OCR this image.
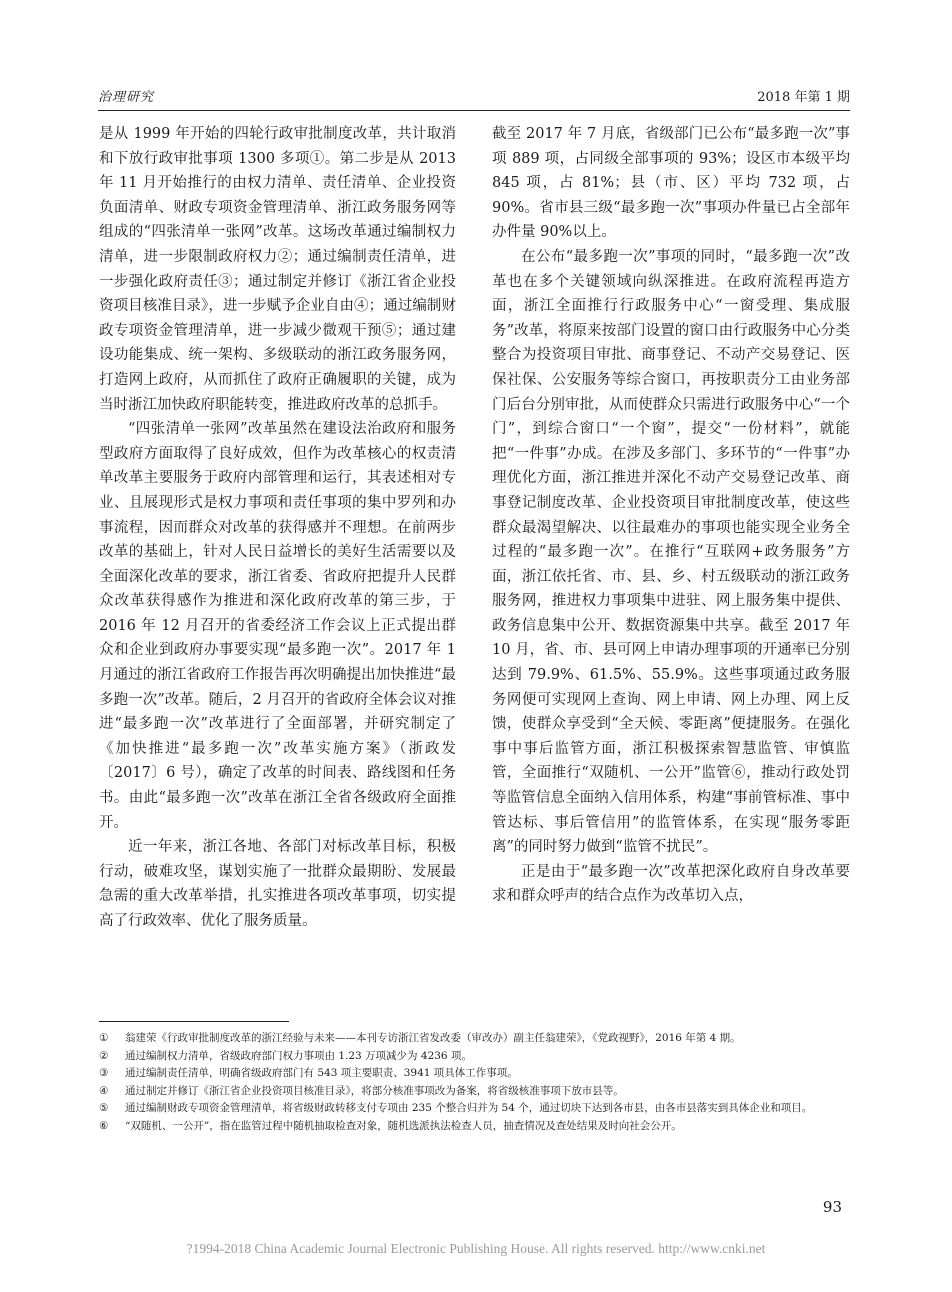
治理研究	2018 年第 1 期

是从 1999 年开始的四轮行政审批制度改革，共计取消和下放行政审批事项 1300 多项①。第二步是从 2013 年 11 月开始推行的由权力清单、责任清单、企业投资负面清单、财政专项资金管理清单、浙江政务服务网等组成的“四张清单一张网”改革。这场改革通过编制权力清单，进一步限制政府权力②；通过编制责任清单，进一步强化政府责任③；通过制定并修订《浙江省企业投资项目核准目录》，进一步赋予企业自由④；通过编制财政专项资金管理清单，进一步减少微观干预⑤；通过建设功能集成、统一架构、多级联动的浙江政务服务网，打造网上政府，从而抓住了政府正确履职的关键，成为当时浙江加快政府职能转变，推进政府改革的总抓手。

“四张清单一张网”改革虽然在建设法治政府和服务型政府方面取得了良好成效，但作为改革核心的权责清单改革主要服务于政府内部管理和运行，其表述相对专业、且展现形式是权力事项和责任事项的集中罗列和办事流程，因而群众对改革的获得感并不理想。在前两步改革的基础上，针对人民日益增长的美好生活需要以及全面深化改革的要求，浙江省委、省政府把提升人民群众改革获得感作为推进和深化政府改革的第三步，于 2016 年 12 月召开的省委经济工作会议上正式提出群众和企业到政府办事要实现“最多跑一次”。2017 年 1 月通过的浙江省政府工作报告再次明确提出加快推进“最多跑一次”改革。随后，2 月召开的省政府全体会议对推进“最多跑一次”改革进行了全面部署，并研究制定了《加快推进“最多跑一次”改革实施方案》（浙政发〔2017〕6 号），确定了改革的时间表、路线图和任务书。由此“最多跑一次”改革在浙江全省各级政府全面推开。

近一年来，浙江各地、各部门对标改革目标，积极行动，破难攻坚，谋划实施了一批群众最期盼、发展最急需的重大改革举措，扎实推进各项改革事项，切实提高了行政效率、优化了服务质量。

截至 2017 年 7 月底，省级部门已公布“最多跑一次”事项 889 项，占同级全部事项的 93%；设区市本级平均 845 项，占 81%；县（市、区）平均 732 项，占 90%。省市县三级“最多跑一次”事项办件量已占全部年办件量 90%以上。

在公布“最多跑一次”事项的同时，“最多跑一次”改革也在多个关键领域向纵深推进。在政府流程再造方面，浙江全面推行行政服务中心“一窗受理、集成服务”改革，将原来按部门设置的窗口由行政服务中心分类整合为投资项目审批、商事登记、不动产交易登记、医保社保、公安服务等综合窗口，再按职责分工由业务部门后台分别审批，从而使群众只需进行政服务中心“一个门”，到综合窗口“一个窗”，提交“一份材料”，就能把“一件事”办成。在涉及多部门、多环节的“一件事”办理优化方面，浙江推进并深化不动产交易登记改革、商事登记制度改革、企业投资项目审批制度改革，使这些群众最渴望解决、以往最难办的事项也能实现全业务全过程的“最多跑一次”。在推行“互联网+政务服务”方面，浙江依托省、市、县、乡、村五级联动的浙江政务服务网，推进权力事项集中进驻、网上服务集中提供、政务信息集中公开、数据资源集中共享。截至 2017 年 10 月，省、市、县可网上申请办理事项的开通率已分别达到 79.9%、61.5%、55.9%。这些事项通过政务服务网便可实现网上查询、网上申请、网上办理、网上反馈，使群众享受到“全天候、零距离”便捷服务。在强化事中事后监管方面，浙江积极探索智慧监管、审慎监管，全面推行“双随机、一公开”监管⑥，推动行政处罚等监管信息全面纳入信用体系，构建“事前管标准、事中管达标、事后管信用”的监管体系，在实现“服务零距离”的同时努力做到“监管不扰民”。

正是由于“最多跑一次”改革把深化政府自身改革要求和群众呼声的结合点作为改革切入点，

①	翁建荣《行政审批制度改革的浙江经验与未来——本刊专访浙江省发改委（审改办）副主任翁建荣》，《党政视野》，2016 年第 4 期。
②	通过编制权力清单，省级政府部门权力事项由 1.23 万项减少为 4236 项。
③	通过编制责任清单，明确省级政府部门有 543 项主要职责、3941 项具体工作事项。
④	通过制定并修订《浙江省企业投资项目核准目录》，将部分核准事项改为备案，将省级核准事项下放市县等。
⑤	通过编制财政专项资金管理清单，将省级财政转移支付专项由 235 个整合归并为 54 个，通过切块下达到各市县，由各市县落实到具体企业和项目。
⑥	“双随机、一公开”，指在监管过程中随机抽取检查对象，随机选派执法检查人员，抽查情况及查处结果及时向社会公开。
93
?1994-2018 China Academic Journal Electronic Publishing House. All rights reserved. http://www.cnki.net
